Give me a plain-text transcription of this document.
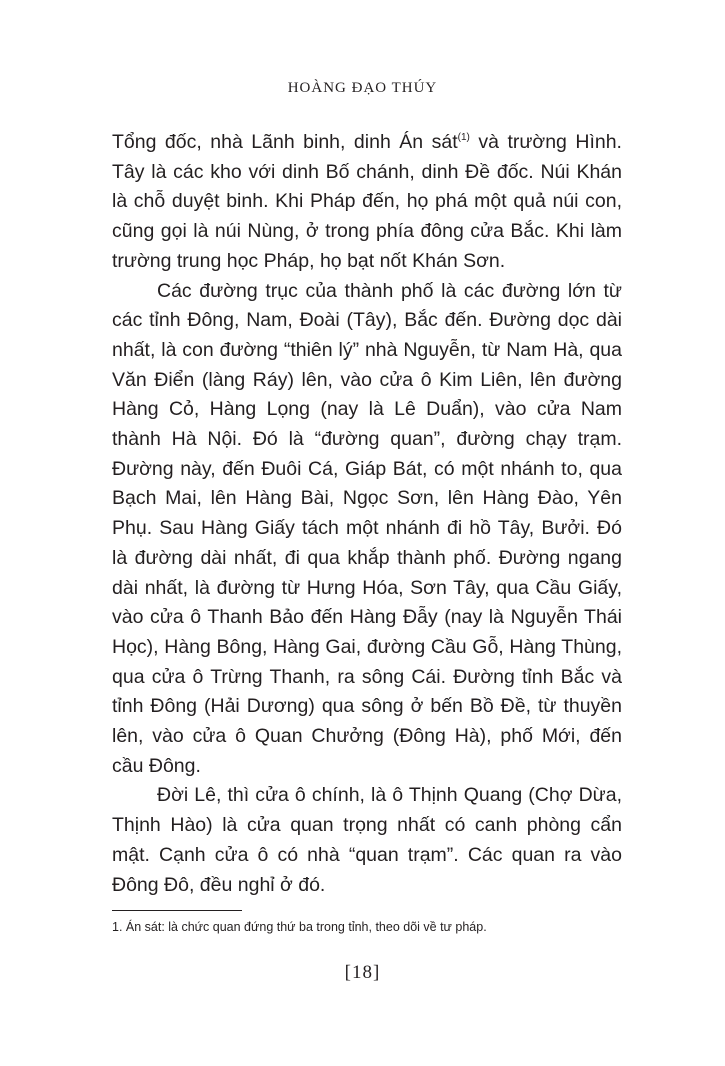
HOÀNG ĐẠO THÚY

Tổng đốc, nhà Lãnh binh, dinh Án sát$^{(1)}$ và trường Hình. Tây là các kho với dinh Bố chánh, dinh Đề đốc. Núi Khán là chỗ duyệt binh. Khi Pháp đến, họ phá một quả núi con, cũng gọi là núi Nùng, ở trong phía đông cửa Bắc. Khi làm trường trung học Pháp, họ bạt nốt Khán Sơn.

Các đường trục của thành phố là các đường lớn từ các tỉnh Đông, Nam, Đoài (Tây), Bắc đến. Đường dọc dài nhất, là con đường “thiên lý” nhà Nguyễn, từ Nam Hà, qua Văn Điển (làng Ráy) lên, vào cửa ô Kim Liên, lên đường Hàng Cỏ, Hàng Lọng (nay là Lê Duẩn), vào cửa Nam thành Hà Nội. Đó là “đường quan”, đường chạy trạm. Đường này, đến Đuôi Cá, Giáp Bát, có một nhánh to, qua Bạch Mai, lên Hàng Bài, Ngọc Sơn, lên Hàng Đào, Yên Phụ. Sau Hàng Giấy tách một nhánh đi hồ Tây, Bưởi. Đó là đường dài nhất, đi qua khắp thành phố. Đường ngang dài nhất, là đường từ Hưng Hóa, Sơn Tây, qua Cầu Giấy, vào cửa ô Thanh Bảo đến Hàng Đẫy (nay là Nguyễn Thái Học), Hàng Bông, Hàng Gai, đường Cầu Gỗ, Hàng Thùng, qua cửa ô Trừng Thanh, ra sông Cái. Đường tỉnh Bắc và tỉnh Đông (Hải Dương) qua sông ở bến Bồ Đề, từ thuyền lên, vào cửa ô Quan Chưởng (Đông Hà), phố Mới, đến cầu Đông.

Đời Lê, thì cửa ô chính, là ô Thịnh Quang (Chợ Dừa, Thịnh Hào) là cửa quan trọng nhất có canh phòng cẩn mật. Cạnh cửa ô có nhà “quan trạm”. Các quan ra vào Đông Đô, đều nghỉ ở đó.

1. Án sát: là chức quan đứng thứ ba trong tỉnh, theo dõi về tư pháp.
[18]
